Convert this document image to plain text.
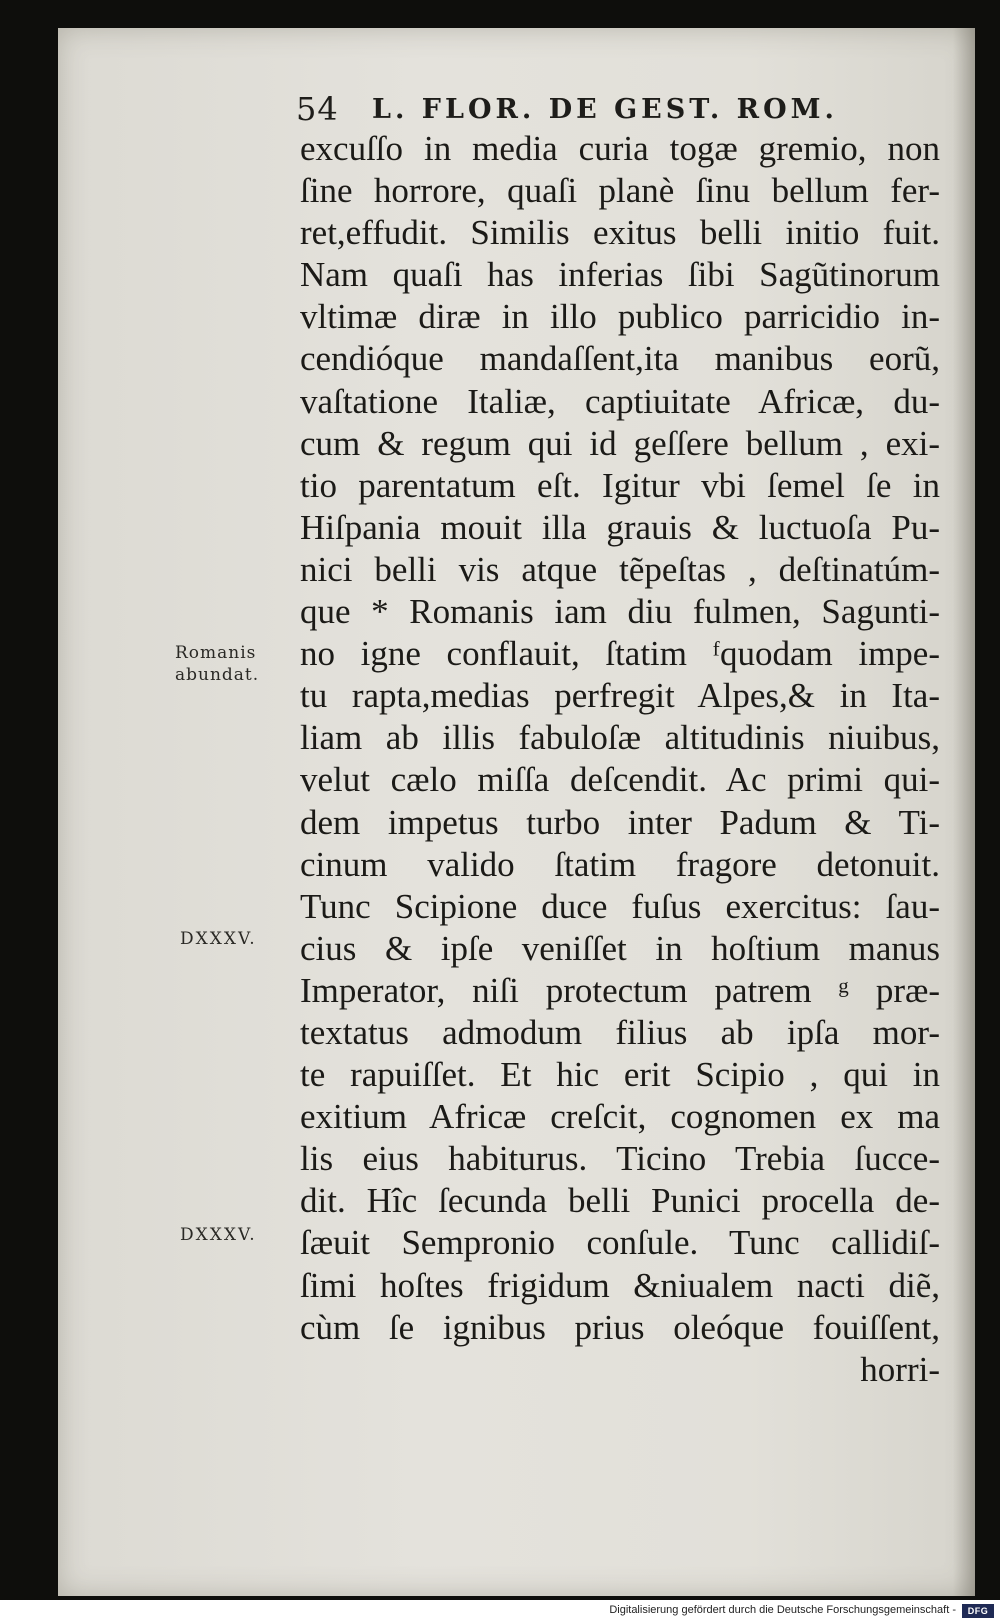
54 L. FLOR. DE GEST. ROM.
Romanis
abundat.
DXXXV.
DXXXV.
excuſſo in media curia togæ gremio, non
ſine horrore, quaſi planè ſinu bellum fer-
ret,effudit. Similis exitus belli initio fuit.
Nam quaſi has inferias ſibi Sagũtinorum
vltimæ diræ in illo publico parricidio in-
cendióque mandaſſent,ita manibus eorũ,
vaſtatione Italiæ, captiuitate Africæ, du-
cum & regum qui id geſſere bellum , exi-
tio parentatum eſt. Igitur vbi ſemel ſe in
Hiſpania mouit illa grauis & luctuoſa Pu-
nici belli vis atque tẽpeſtas , deſtinatúm-
que * Romanis iam diu fulmen, Sagunti-
no igne conflauit, ſtatim ᶠquodam impe-
tu rapta,medias perfregit Alpes,& in Ita-
liam ab illis fabuloſæ altitudinis niuibus,
velut cælo miſſa deſcendit. Ac primi qui-
dem impetus turbo inter Padum & Ti-
cinum valido ſtatim fragore detonuit.
Tunc Scipione duce fuſus exercitus: ſau-
cius & ipſe veniſſet in hoſtium manus
Imperator, niſi protectum patrem ᵍ præ-
textatus admodum filius ab ipſa mor-
te rapuiſſet. Et hic erit Scipio , qui in
exitium Africæ creſcit, cognomen ex ma
lis eius habiturus. Ticino Trebia ſucce-
dit. Hîc ſecunda belli Punici procella de-
ſæuit Sempronio conſule. Tunc callidiſ-
ſimi hoſtes frigidum &niualem nacti diẽ,
cùm ſe ignibus prius oleóque fouiſſent,
horri-
Digitalisierung gefördert durch die Deutsche Forschungsgemeinschaft -	DFG
